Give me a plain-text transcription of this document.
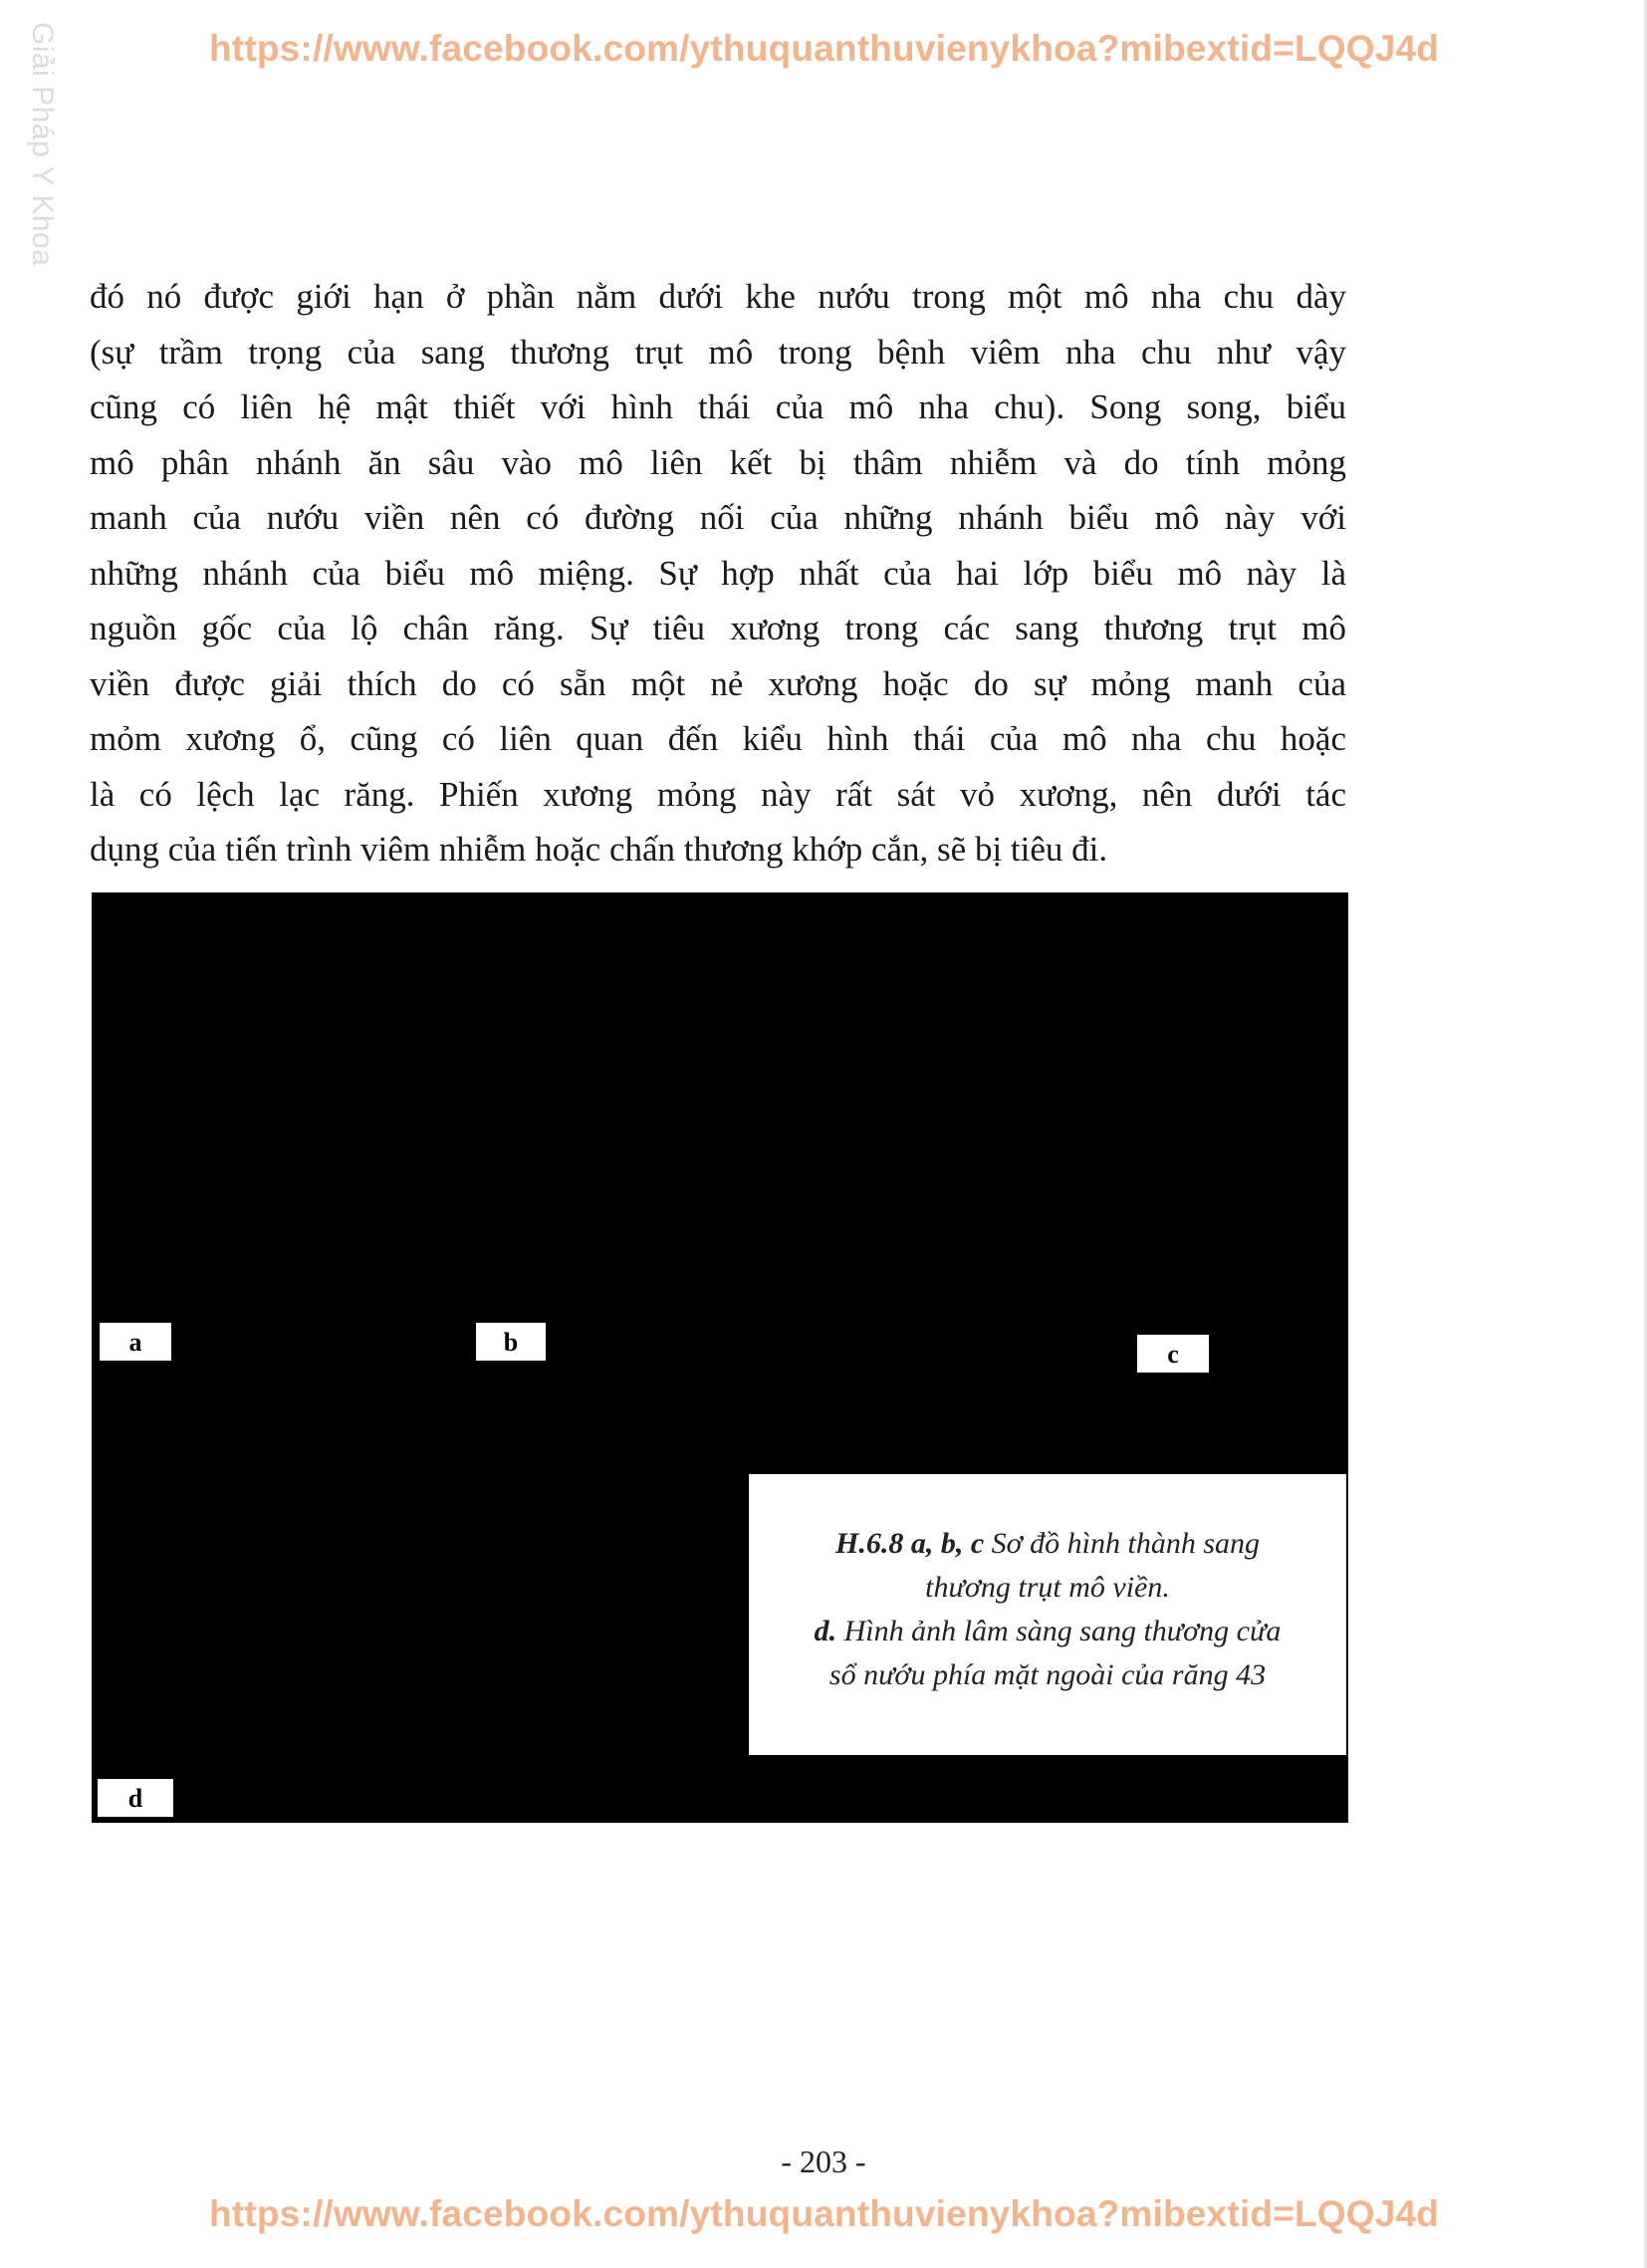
https://www.facebook.com/ythuquanthuvienykhoa?mibextid=LQQJ4d
Giải Pháp Y Khoa
đó nó được giới hạn ở phần nằm dưới khe nướu trong một mô nha chu dày
(sự trầm trọng của sang thương trụt mô trong bệnh viêm nha chu như vậy
cũng có liên hệ mật thiết với hình thái của mô nha chu). Song song, biểu
mô phân nhánh ăn sâu vào mô liên kết bị thâm nhiễm và do tính mỏng
manh của nướu viền nên có đường nối của những nhánh biểu mô này với
những nhánh của biểu mô miệng. Sự hợp nhất của hai lớp biểu mô này là
nguồn gốc của lộ chân răng. Sự tiêu xương trong các sang thương trụt mô
viền được giải thích do có sẵn một nẻ xương hoặc do sự mỏng manh của
mỏm xương ổ, cũng có liên quan đến kiểu hình thái của mô nha chu hoặc
là có lệch lạc răng. Phiến xương mỏng này rất sát vỏ xương, nên dưới tác
dụng của tiến trình viêm nhiễm hoặc chấn thương khớp cắn, sẽ bị tiêu đi.
a	b	c
d
H.6.8 a, b, c Sơ đồ hình thành sang
thương trụt mô viền.
d. Hình ảnh lâm sàng sang thương cửa
sổ nướu phía mặt ngoài của răng 43
- 203 -
https://www.facebook.com/ythuquanthuvienykhoa?mibextid=LQQJ4d
